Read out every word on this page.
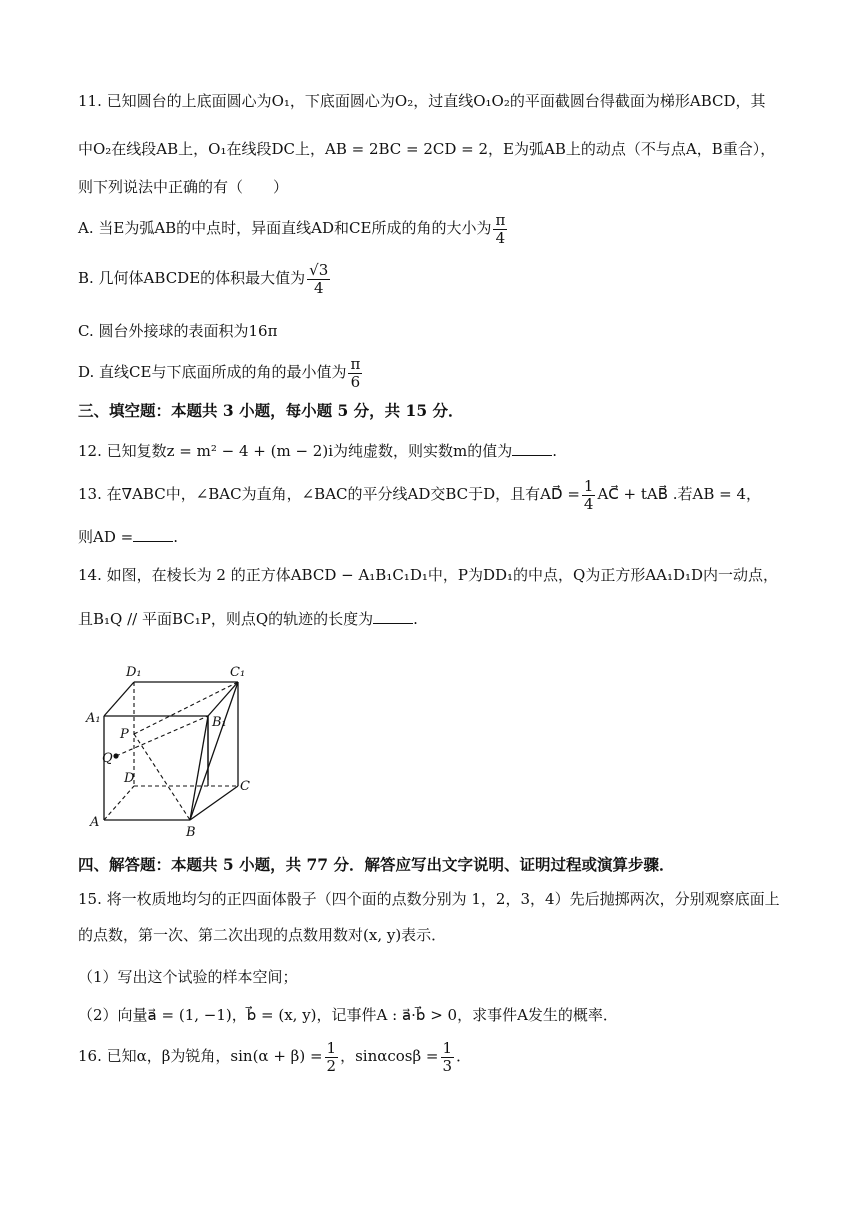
11. 已知圆台的上底面圆心为O₁，下底面圆心为O₂，过直线O₁O₂的平面截圆台得截面为梯形ABCD，其
中O₂在线段AB上，O₁在线段DC上，AB = 2BC = 2CD = 2，E为弧AB上的动点（不与点A，B重合），
则下列说法中正确的有（　　）
A. 当E为弧AB的中点时，异面直线AD和CE所成的角的大小为 $\frac{\pi}{4}$
B. 几何体ABCDE的体积最大值为 $\frac{√3}{4}$
C. 圆台外接球的表面积为16π
D. 直线CE与下底面所成的角的最小值为 $\frac{\pi}{6}$
三、填空题：本题共 3 小题，每小题 5 分，共 15 分．
12. 已知复数z = m² − 4 + (m − 2)i为纯虚数，则实数m的值为	.
13. 在∇ABC中，∠BAC为直角，∠BAC的平分线AD交BC于D，且有AD⃗ = $\frac{1}{4}$ AC⃗ + tAB⃗ .若AB = 4，
则AD =	.
14. 如图，在棱长为 2 的正方体ABCD − A₁B₁C₁D₁中，P为DD₁的中点，Q为正方形AA₁D₁D内一动点，
且B₁Q // 平面BC₁P，则点Q的轨迹的长度为	.
D₁	C₁
A₁	B₁
P
Q
D
C
A
B
四、解答题：本题共 5 小题，共 77 分．解答应写出文字说明、证明过程或演算步骤．
15. 将一枚质地均匀的正四面体骰子（四个面的点数分别为 1，2，3，4）先后抛掷两次，分别观察底面上
的点数，第一次、第二次出现的点数用数对(x, y)表示．
（1）写出这个试验的样本空间；
（2）向量a⃗ = (1, −1)，b⃗ = (x, y)，记事件A : a⃗·b⃗ > 0，求事件A发生的概率．
16. 已知α，β为锐角，$\sin(\alpha + \beta) = \frac{1}{2}$ ，$\sin\alpha\cos\beta = \frac{1}{3}$ ．
